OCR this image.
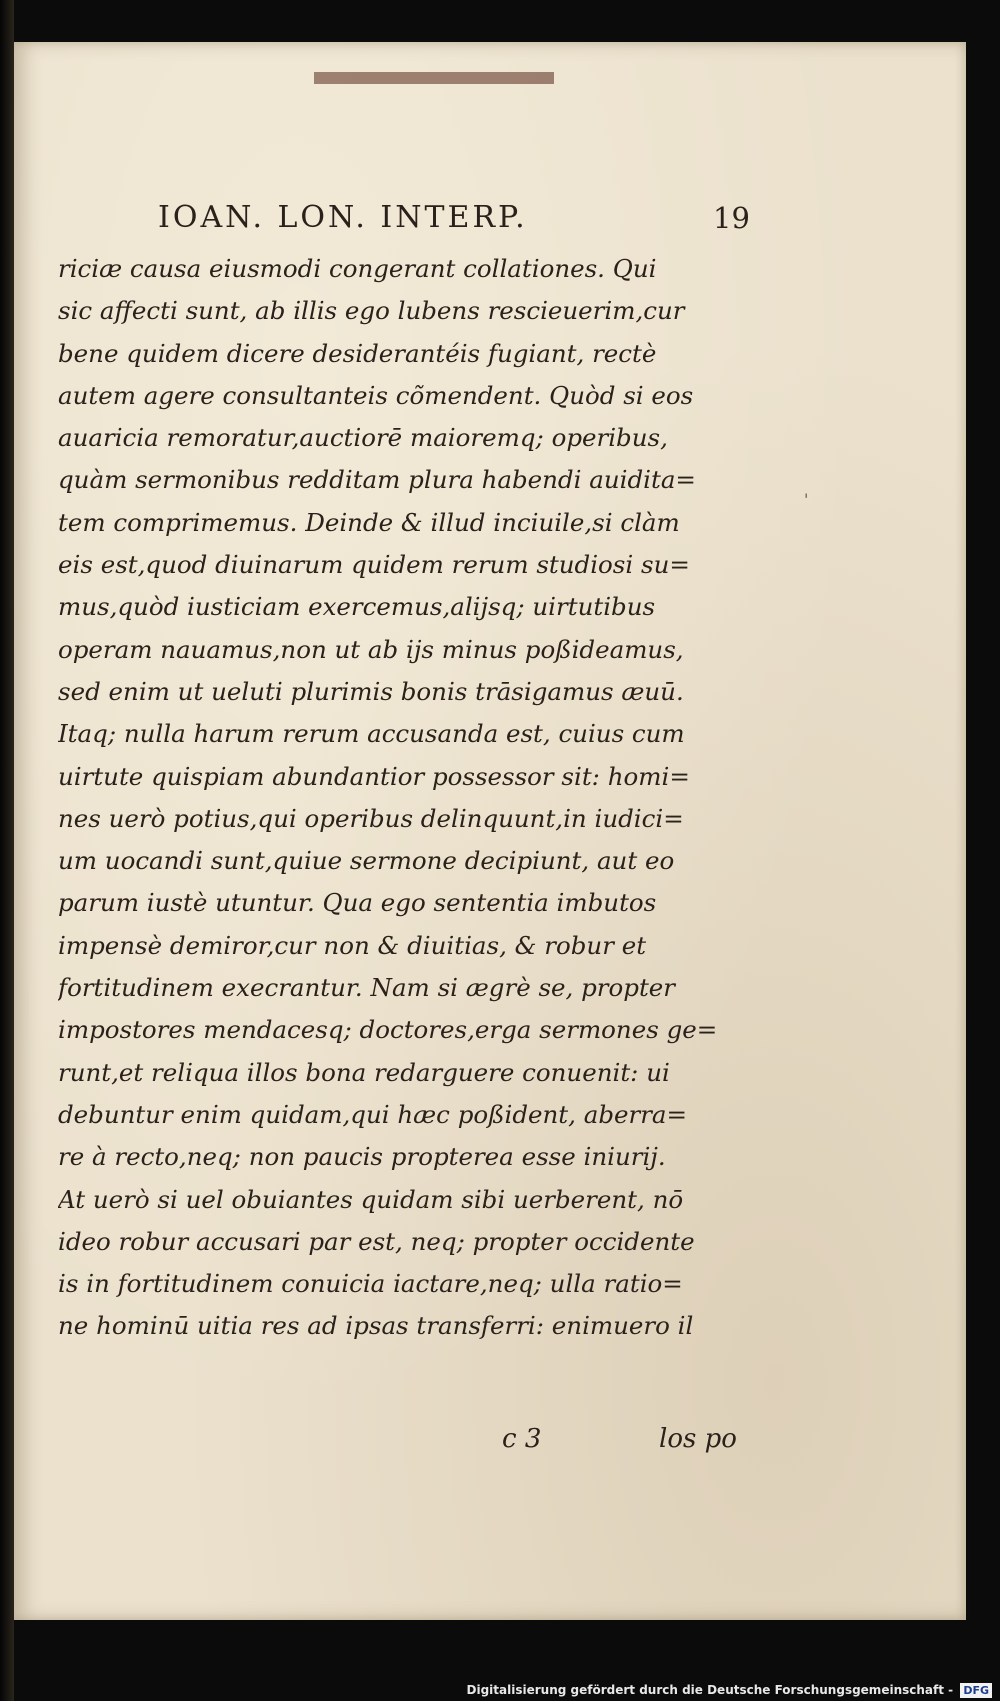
IOAN. LON. INTERP.	19
riciæ causa eiusmodi congerant collationes. Qui
sic affecti sunt, ab illis ego lubens rescieuerim,cur
bene quidem dicere desiderantéis fugiant, rectè
autem agere consultanteis cõmendent. Quòd si eos
auaricia remoratur,auctiorē maioremq; operibus,
quàm sermonibus redditam plura habendi auidita=
tem comprimemus. Deinde & illud inciuile,si clàm
eis est,quod diuinarum quidem rerum studiosi su=
mus,quòd iusticiam exercemus,alijsq; uirtutibus
operam nauamus,non ut ab ijs minus poßideamus,
sed enim ut ueluti plurimis bonis trāsigamus æuū.
Itaq; nulla harum rerum accusanda est, cuius cum
uirtute quispiam abundantior possessor sit: homi=
nes uerò potius,qui operibus delinquunt,in iudici=
um uocandi sunt,quiue sermone decipiunt, aut eo
parum iustè utuntur. Qua ego sententia imbutos
impensè demiror,cur non & diuitias, & robur et
fortitudinem execrantur. Nam si ægrè se, propter
impostores mendacesq; doctores,erga sermones ge=
runt,et reliqua illos bona redarguere conuenit: ui
debuntur enim quidam,qui hæc poßident, aberra=
re à recto,neq; non paucis propterea esse iniurij.
At uerò si uel obuiantes quidam sibi uerberent, nō
ideo robur accusari par est, neq; propter occidente
is in fortitudinem conuicia iactare,neq; ulla ratio=
ne hominū uitia res ad ipsas transferri: enimuero il
'
c 3	los po
Digitalisierung gefördert durch die Deutsche Forschungsgemeinschaft - DFG
